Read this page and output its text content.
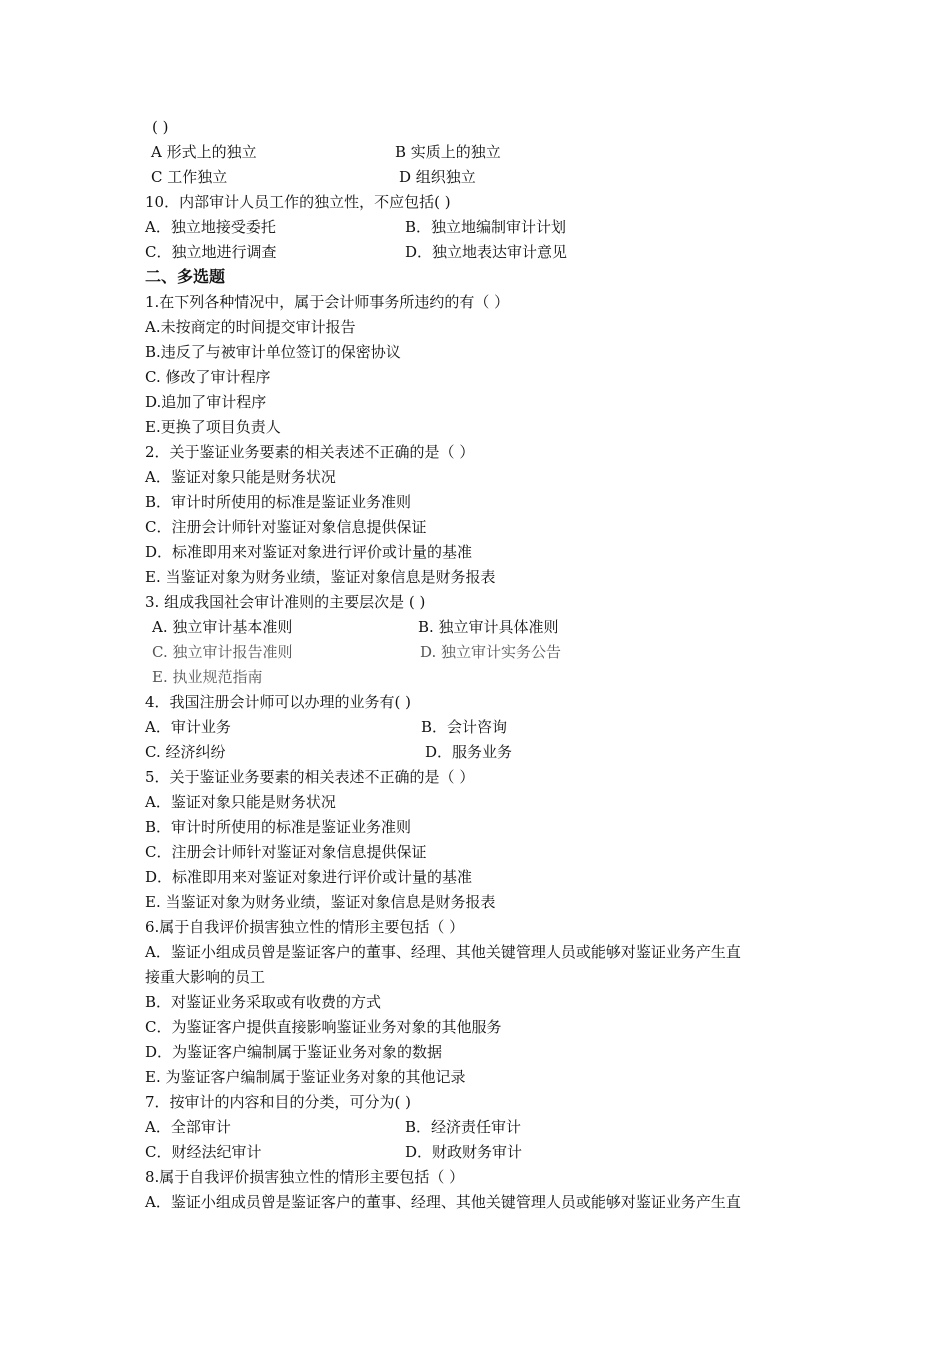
( )
A 形式上的独立	B 实质上的独立
C 工作独立	D 组织独立
10．内部审计人员工作的独立性，不应包括( )
A．独立地接受委托	B．独立地编制审计计划
C．独立地进行调查	D．独立地表达审计意见
二、多选题
1.在下列各种情况中，属于会计师事务所违约的有（ ）
A.未按商定的时间提交审计报告
B.违反了与被审计单位签订的保密协议
C. 修改了审计程序
D.追加了审计程序
E.更换了项目负责人
2．关于鉴证业务要素的相关表述不正确的是（ ）
A．鉴证对象只能是财务状况
B．审计时所使用的标准是鉴证业务准则
C．注册会计师针对鉴证对象信息提供保证
D．标准即用来对鉴证对象进行评价或计量的基准
E. 当鉴证对象为财务业绩，鉴证对象信息是财务报表
3. 组成我国社会审计准则的主要层次是 ( )
A. 独立审计基本准则	B. 独立审计具体准则
C. 独立审计报告准则	D. 独立审计实务公告
E. 执业规范指南
4．我国注册会计师可以办理的业务有( )
A．审计业务	B．会计咨询
C. 经济纠纷	D．服务业务
5．关于鉴证业务要素的相关表述不正确的是（ ）
A．鉴证对象只能是财务状况
B．审计时所使用的标准是鉴证业务准则
C．注册会计师针对鉴证对象信息提供保证
D．标准即用来对鉴证对象进行评价或计量的基准
E. 当鉴证对象为财务业绩，鉴证对象信息是财务报表
6.属于自我评价损害独立性的情形主要包括（ ）
A．鉴证小组成员曾是鉴证客户的董事、经理、其他关键管理人员或能够对鉴证业务产生直
接重大影响的员工
B．对鉴证业务采取或有收费的方式
C．为鉴证客户提供直接影响鉴证业务对象的其他服务
D．为鉴证客户编制属于鉴证业务对象的数据
E. 为鉴证客户编制属于鉴证业务对象的其他记录
7．按审计的内容和目的分类，可分为( )
A．全部审计	B．经济责任审计
C．财经法纪审计	D．财政财务审计
8.属于自我评价损害独立性的情形主要包括（ ）
A．鉴证小组成员曾是鉴证客户的董事、经理、其他关键管理人员或能够对鉴证业务产生直
